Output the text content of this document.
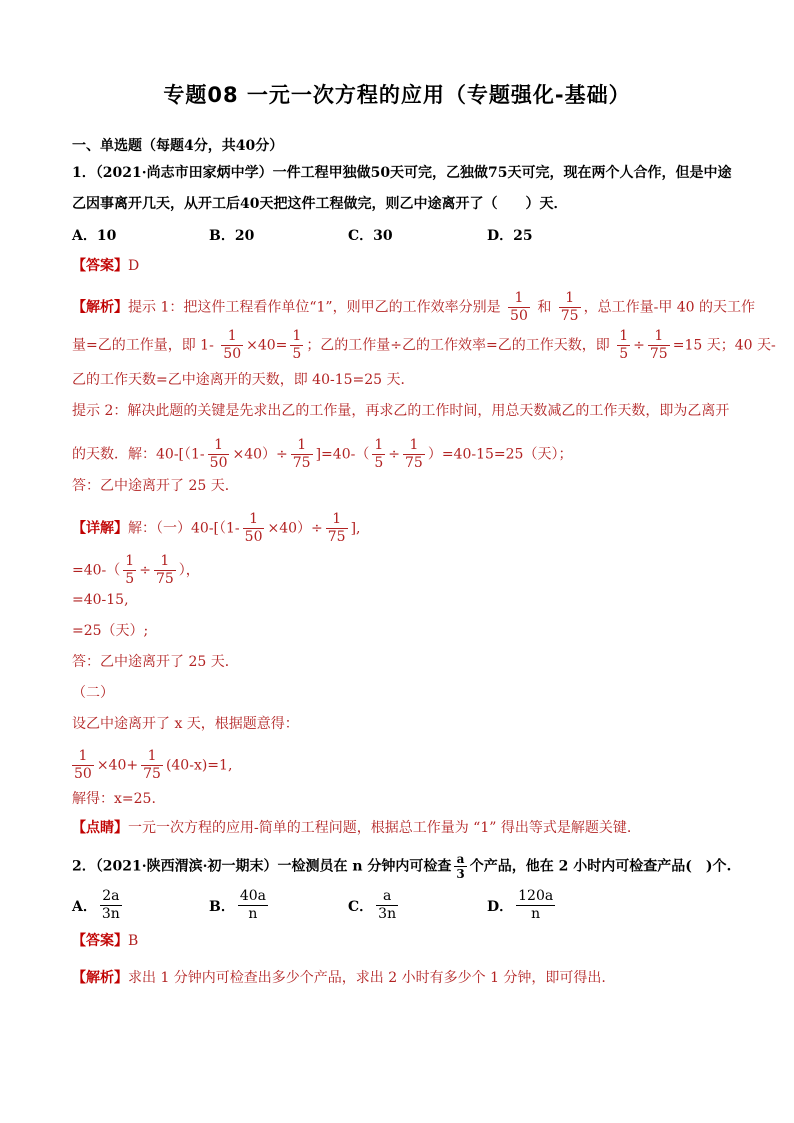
专题08 一元一次方程的应用（专题强化-基础）
一、单选题（每题4分，共40分）
1．（2021·尚志市田家炳中学）一件工程甲独做50天可完，乙独做75天可完，现在两个人合作，但是中途
乙因事离开几天，从开工后40天把这件工程做完，则乙中途离开了（　　）天．
A．10	B．20	C．30	D．25
【答案】D
【解析】提示 1：把这件工程看作单位“1”，则甲乙的工作效率分别是 $\frac{1}{50}$ 和 $\frac{1}{75}$ ，总工作量-甲 40 的天工作
量=乙的工作量，即 $1- \frac{1}{50} \times 40= \frac{1}{5}$ ；乙的工作量÷乙的工作效率=乙的工作天数，即 $\frac{1}{5} \div \frac{1}{75} =15$ 天；40 天-
乙的工作天数=乙中途离开的天数，即 40-15=25 天．
提示 2：解决此题的关键是先求出乙的工作量，再求乙的工作时间，用总天数减乙的工作天数，即为乙离开
的天数．解：$40-[(1- \frac{1}{50} \times 40)\div \frac{1}{75} ]=40-( \frac{1}{5} \div \frac{1}{75} )=40-15=25$（天）；
答：乙中途离开了 25 天．
【详解】解：（一）$40-[(1- \frac{1}{50} \times 40)\div \frac{1}{75}$ ],
$=40-( \frac{1}{5} \div \frac{1}{75}$ ），
=40-15,
=25（天）;
答：乙中途离开了 25 天．
（二）
设乙中途离开了 x 天，根据题意得：
$\frac{1}{50} \times 40+ \frac{1}{75} (40-x)=1$,
解得：x=25.
【点睛】一元一次方程的应用-简单的工程问题，根据总工作量为 “1” 得出等式是解题关键.
2．（2021·陕西渭滨·初一期末）一检测员在 n 分钟内可检查 $\frac{a}{3}$ 个产品，他在 2 小时内可检查产品(　)个.
A． $\frac{2a}{3n}$	B． $\frac{40a}{n}$	C． $\frac{a}{3n}$	D． $\frac{120a}{n}$
【答案】B
【解析】求出 1 分钟内可检查出多少个产品，求出 2 小时有多少个 1 分钟，即可得出.
